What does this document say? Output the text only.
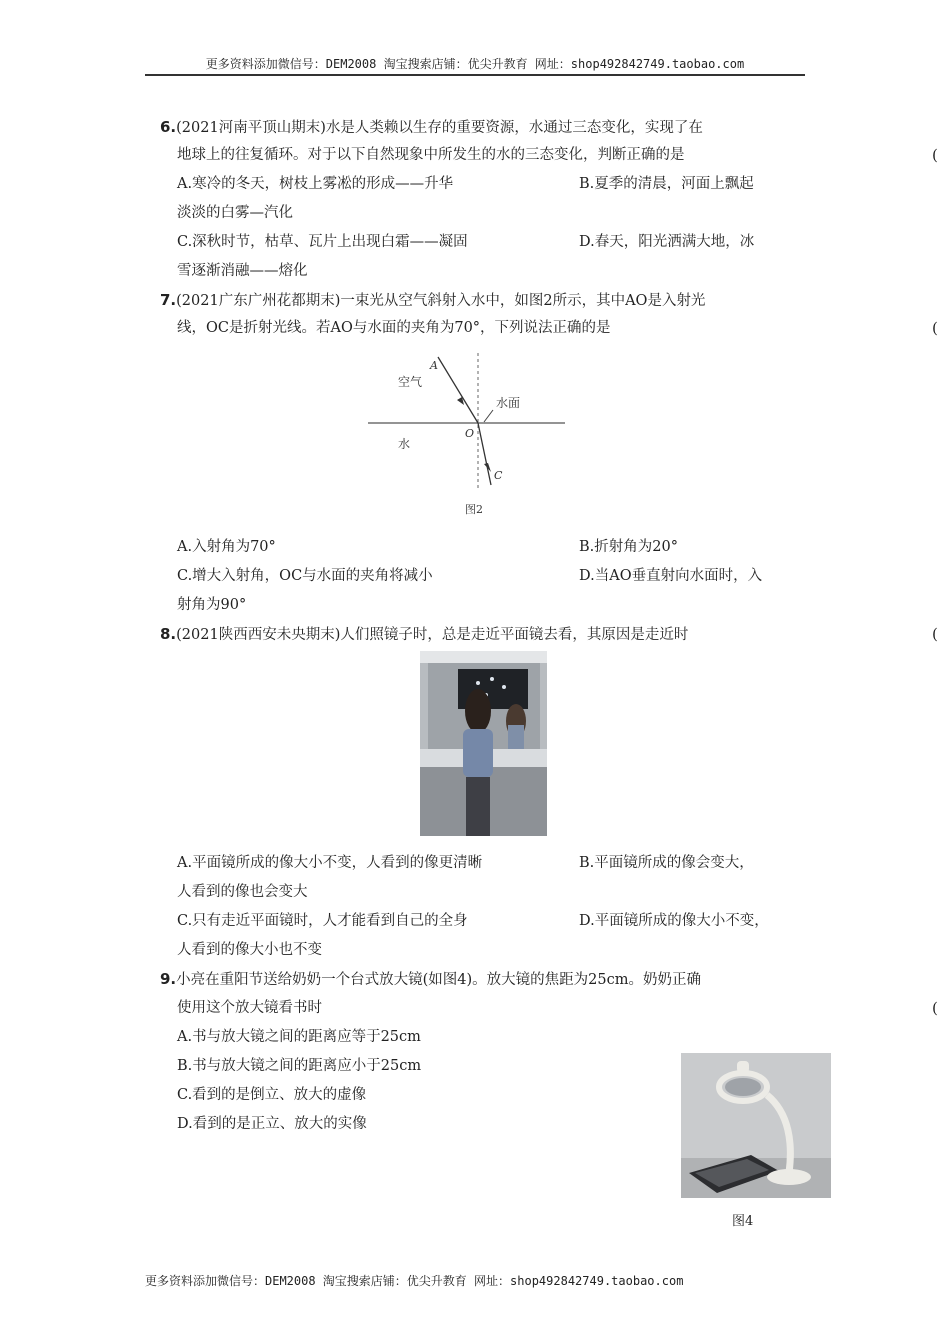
更多资料添加微信号：DEM2008 淘宝搜索店铺：优尖升教育 网址：shop492842749.taobao.com
6.(2021河南平顶山期末)水是人类赖以生存的重要资源，水通过三态变化，实现了在
地球上的往复循环。对于以下自然现象中所发生的水的三态变化，判断正确的是	(
A.寒冷的冬天，树枝上雾凇的形成——升华	B.夏季的清晨，河面上飘起
淡淡的白雾—汽化
C.深秋时节，枯草、瓦片上出现白霜——凝固	D.春天，阳光洒满大地，冰
雪逐渐消融——熔化
7.(2021广东广州花都期末)一束光从空气斜射入水中，如图2所示，其中AO是入射光
线，OC是折射光线。若AO与水面的夹角为70°，下列说法正确的是	(
空气
水
水面
A
O
C
图2
A.入射角为70°	B.折射角为20°
C.增大入射角，OC与水面的夹角将减小	D.当AO垂直射向水面时，入
射角为90°
8.(2021陕西西安未央期末)人们照镜子时，总是走近平面镜去看，其原因是走近时	(
A.平面镜所成的像大小不变，人看到的像更清晰	B.平面镜所成的像会变大，
人看到的像也会变大
C.只有走近平面镜时，人才能看到自己的全身	D.平面镜所成的像大小不变，
人看到的像大小也不变
9.小亮在重阳节送给奶奶一个台式放大镜(如图4)。放大镜的焦距为25cm。奶奶正确
使用这个放大镜看书时	(
A.书与放大镜之间的距离应等于25cm
B.书与放大镜之间的距离应小于25cm
C.看到的是倒立、放大的虚像
D.看到的是正立、放大的实像
图4
更多资料添加微信号：DEM2008 淘宝搜索店铺：优尖升教育 网址：shop492842749.taobao.com
